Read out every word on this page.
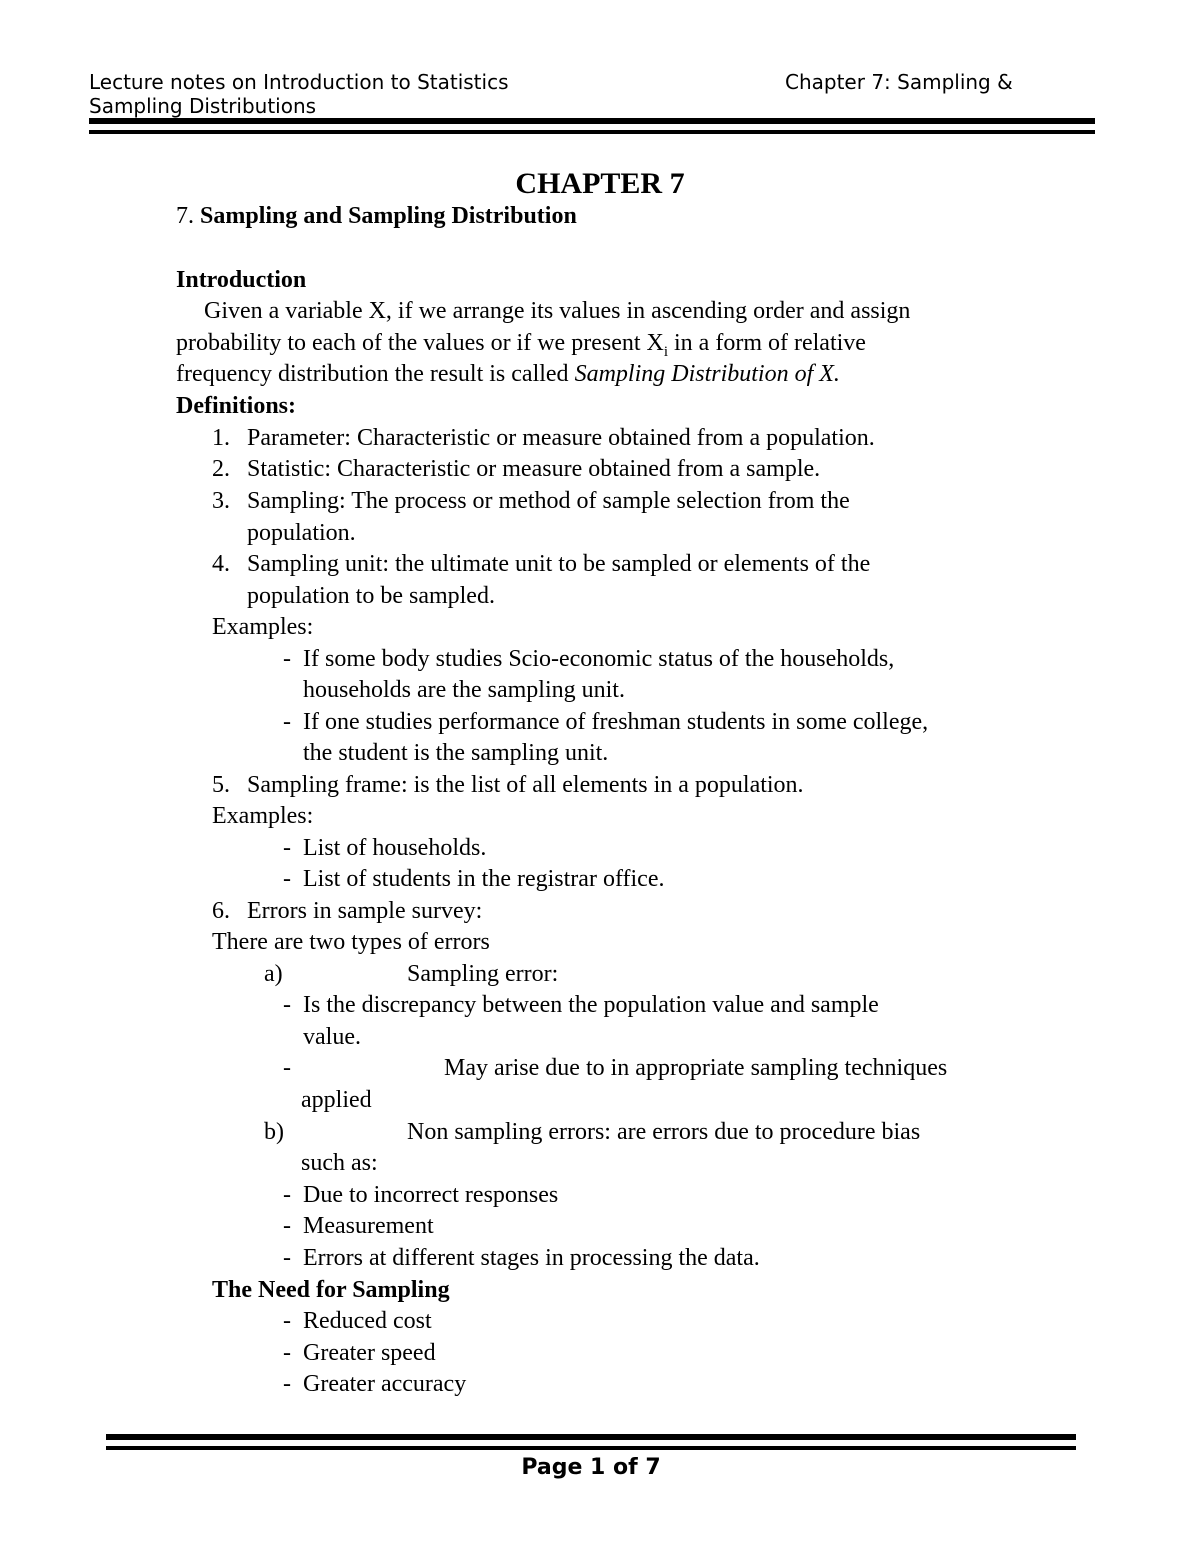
Lecture notes on Introduction to Statistics	Chapter 7: Sampling &
Sampling Distributions
CHAPTER 7
7. Sampling and Sampling Distribution
Introduction
Given a variable X, if we arrange its values in ascending order and assign
probability to each of the values or if we present $X_i$ in a form of relative
frequency distribution the result is called Sampling Distribution of X.
Definitions:
1. Parameter: Characteristic or measure obtained from a population.
2. Statistic: Characteristic or measure obtained from a sample.
3. Sampling: The process or method of sample selection from the
population.
4. Sampling unit: the ultimate unit to be sampled or elements of the
population to be sampled.
Examples:
- If some body studies Scio-economic status of the households,
households are the sampling unit.
- If one studies performance of freshman students in some college,
the student is the sampling unit.
5. Sampling frame: is the list of all elements in a population.
Examples:
- List of households.
- List of students in the registrar office.
6. Errors in sample survey:
There are two types of errors
a)	Sampling error:
- Is the discrepancy between the population value and sample
value.
-	May arise due to in appropriate sampling techniques
applied
b)	Non sampling errors: are errors due to procedure bias
such as:
- Due to incorrect responses
- Measurement
- Errors at different stages in processing the data.
The Need for Sampling
- Reduced cost
- Greater speed
- Greater accuracy
Page 1 of 7
